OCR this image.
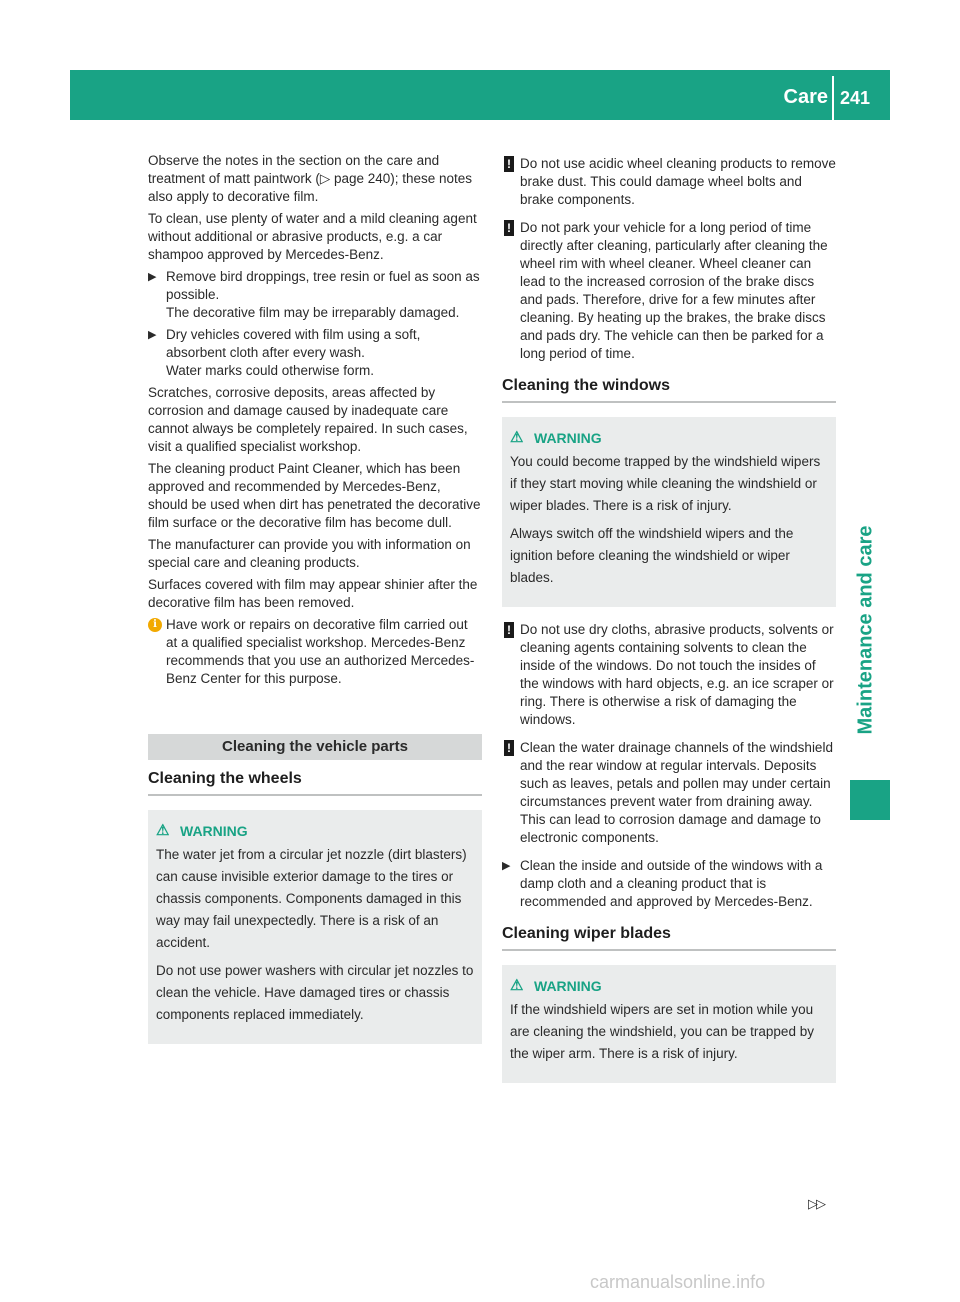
Care 241
Maintenance and care

Observe the notes in the section on the care and treatment of matt paintwork (▷ page 240); these notes also apply to decorative film.

To clean, use plenty of water and a mild cleaning agent without additional or abrasive products, e.g. a car shampoo approved by Mercedes-Benz.

▶ Remove bird droppings, tree resin or fuel as soon as possible.
The decorative film may be irreparably damaged.
▶ Dry vehicles covered with film using a soft, absorbent cloth after every wash.
Water marks could otherwise form.

Scratches, corrosive deposits, areas affected by corrosion and damage caused by inadequate care cannot always be completely repaired. In such cases, visit a qualified specialist workshop.

The cleaning product Paint Cleaner, which has been approved and recommended by Mercedes-Benz, should be used when dirt has penetrated the decorative film surface or the decorative film has become dull.

The manufacturer can provide you with information on special care and cleaning products.

Surfaces covered with film may appear shinier after the decorative film has been removed.

i Have work or repairs on decorative film carried out at a qualified specialist workshop. Mercedes-Benz recommends that you use an authorized Mercedes-Benz Center for this purpose.
Cleaning the vehicle parts
Cleaning the wheels
⚠ WARNING

The water jet from a circular jet nozzle (dirt blasters) can cause invisible exterior damage to the tires or chassis components. Components damaged in this way may fail unexpectedly. There is a risk of an accident.

Do not use power washers with circular jet nozzles to clean the vehicle. Have damaged tires or chassis components replaced immediately.

! Do not use acidic wheel cleaning products to remove brake dust. This could damage wheel bolts and brake components.
! Do not park your vehicle for a long period of time directly after cleaning, particularly after cleaning the wheel rim with wheel cleaner. Wheel cleaner can lead to the increased corrosion of the brake discs and pads. Therefore, drive for a few minutes after cleaning. By heating up the brakes, the brake discs and pads dry. The vehicle can then be parked for a long period of time.
Cleaning the windows
⚠ WARNING

You could become trapped by the windshield wipers if they start moving while cleaning the windshield or wiper blades. There is a risk of injury.

Always switch off the windshield wipers and the ignition before cleaning the windshield or wiper blades.

! Do not use dry cloths, abrasive products, solvents or cleaning agents containing solvents to clean the inside of the windows. Do not touch the insides of the windows with hard objects, e.g. an ice scraper or ring. There is otherwise a risk of damaging the windows.
! Clean the water drainage channels of the windshield and the rear window at regular intervals. Deposits such as leaves, petals and pollen may under certain circumstances prevent water from draining away. This can lead to corrosion damage and damage to electronic components.
▶ Clean the inside and outside of the windows with a damp cloth and a cleaning product that is recommended and approved by Mercedes-Benz.
Cleaning wiper blades
⚠ WARNING

If the windshield wipers are set in motion while you are cleaning the windshield, you can be trapped by the wiper arm. There is a risk of injury.

▷▷
carmanualsonline.info
